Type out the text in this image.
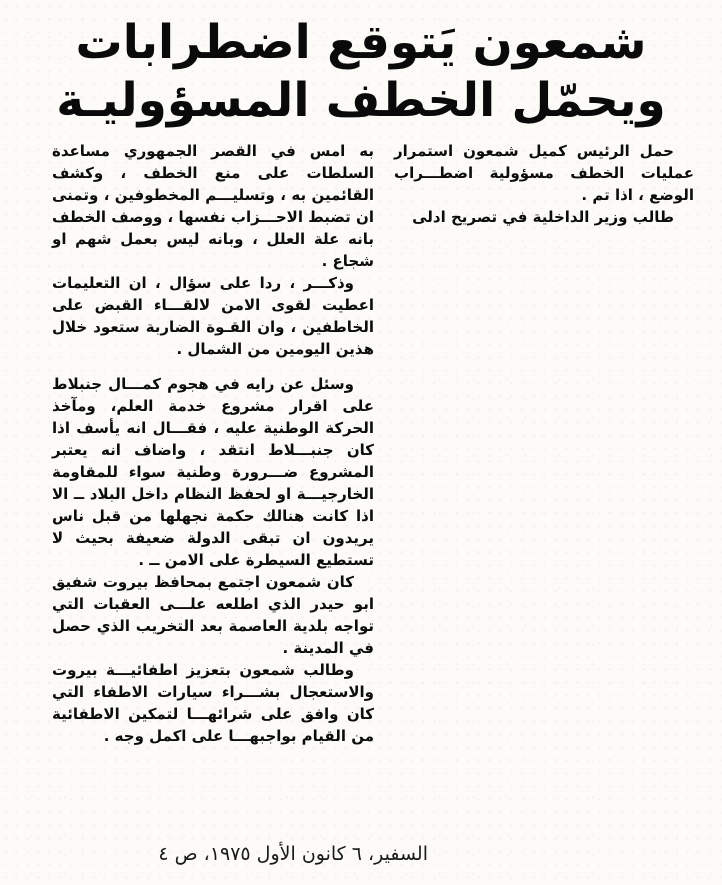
شمعون يَتوقع اضطرابات
ويحمّل الخطف المسؤوليـة

حمل الرئيس كميل شمعون استمرار عمليات الخطف مسؤولية اضطـــراب الوضع ، اذا تم .

طالب وزير الداخلية في تصريح ادلى

به امس في القصر الجمهوري مساعدة السلطات على منع الخطف ، وكشف القائمين به ، وتسليـــم المخطوفين ، وتمنى ان تضبط الاحـــزاب نفسها ، ووصف الخطف بانه علة العلل ، وبانه ليس بعمل شهم او شجاع .

وذكـــر ، ردا على سؤال ، ان التعليمات اعطيت لقوى الامن لالقـــاء القبض على الخاطفين ، وان القـوة الضاربة ستعود خلال هذين اليومين من الشمال .

وسئل عن رايه في هجوم كمـــال جنبلاط على اقرار مشروع خدمة العلم، ومآخذ الحركة الوطنية عليه ، فقـــال انه يأسف اذا كان جنبـــلاط انتقد ، واضاف انه يعتبر المشروع ضـــرورة وطنية سواء للمقاومة الخارجيـــة او لحفظ النظام داخل البلاد ــ الا اذا كانت هنالك حكمة نجهلها من قبل ناس يريدون ان تبقى الدولة ضعيفة بحيث لا تستطيع السيطرة على الامن ــ .

كان شمعون اجتمع بمحافظ بيروت شفيق ابو حيدر الذي اطلعه علـــى العقبات التي تواجه بلدية العاصمة بعد التخريب الذي حصل في المدينة .

وطالب شمعون بتعزيز اطفائيـــة بيروت والاستعجال بشـــراء سيارات الاطفاء التي كان وافق على شرائهـــا لتمكين الاطفائية من القيام بواجبهـــا على اكمل وجه .

السفير، ٦ كانون الأول ١٩٧٥، ص ٤
